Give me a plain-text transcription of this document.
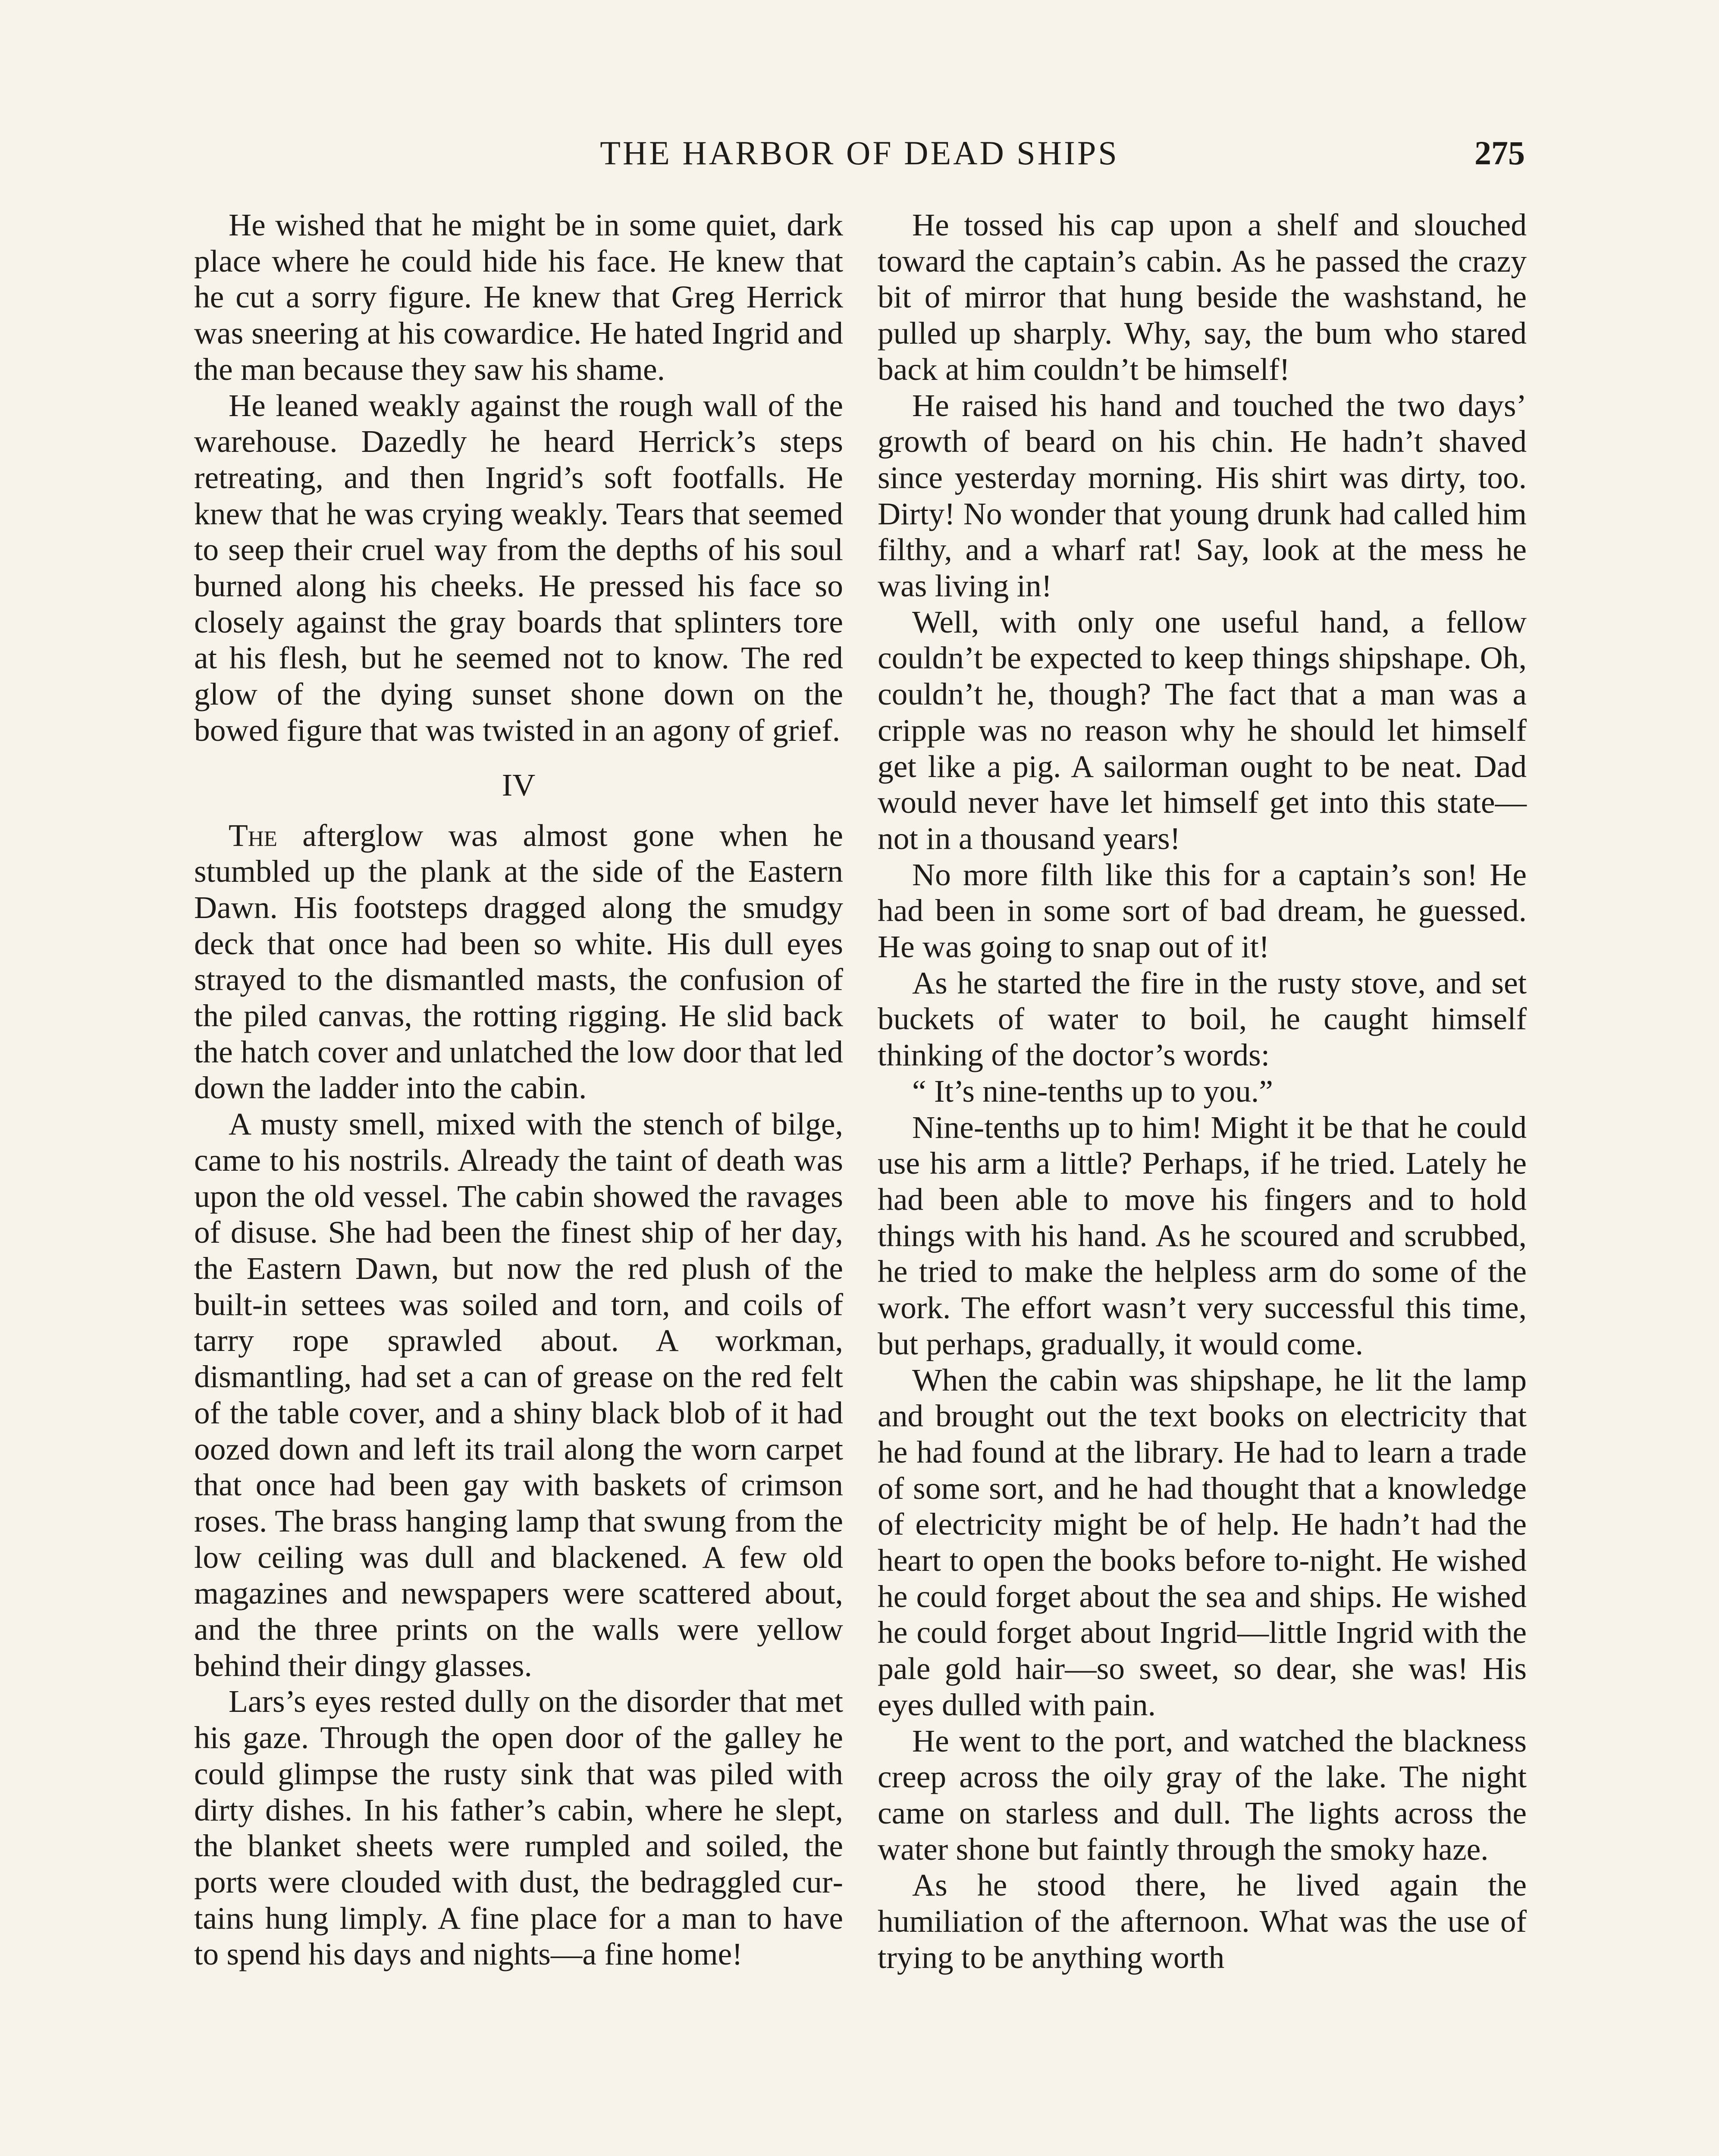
THE HARBOR OF DEAD SHIPS	275

He wished that he might be in some quiet, dark place where he could hide his face. He knew that he cut a sorry figure. He knew that Greg Herrick was sneering at his cowardice. He hated Ingrid and the man because they saw his shame.

He leaned weakly against the rough wall of the warehouse. Dazedly he heard Herrick’s steps retreating, and then Ingrid’s soft footfalls. He knew that he was crying weakly. Tears that seemed to seep their cruel way from the depths of his soul burned along his cheeks. He pressed his face so closely against the gray boards that splinters tore at his flesh, but he seemed not to know. The red glow of the dying sunset shone down on the bowed figure that was twisted in an agony of grief.

IV

The afterglow was almost gone when he stumbled up the plank at the side of the Eastern Dawn. His footsteps dragged along the smudgy deck that once had been so white. His dull eyes strayed to the dismantled masts, the confusion of the piled canvas, the rotting rigging. He slid back the hatch cover and unlatched the low door that led down the ladder into the cabin.

A musty smell, mixed with the stench of bilge, came to his nostrils. Already the taint of death was upon the old vessel. The cabin showed the ravages of disuse. She had been the finest ship of her day, the Eastern Dawn, but now the red plush of the built-in settees was soiled and torn, and coils of tarry rope sprawled about. A workman, dismantling, had set a can of grease on the red felt of the table cover, and a shiny black blob of it had oozed down and left its trail along the worn carpet that once had been gay with baskets of crimson roses. The brass hanging lamp that swung from the low ceiling was dull and blackened. A few old magazines and newspapers were scattered about, and the three prints on the walls were yellow behind their dingy glasses.

Lars’s eyes rested dully on the disorder that met his gaze. Through the open door of the galley he could glimpse the rusty sink that was piled with dirty dishes. In his father’s cabin, where he slept, the blanket sheets were rumpled and soiled, the ports were clouded with dust, the bedraggled curtains hung limply. A fine place for a man to have to spend his days and nights—a fine home!

He tossed his cap upon a shelf and slouched toward the captain’s cabin. As he passed the crazy bit of mirror that hung beside the washstand, he pulled up sharply. Why, say, the bum who stared back at him couldn’t be himself!

He raised his hand and touched the two days’ growth of beard on his chin. He hadn’t shaved since yesterday morning. His shirt was dirty, too. Dirty! No wonder that young drunk had called him filthy, and a wharf rat! Say, look at the mess he was living in!

Well, with only one useful hand, a fellow couldn’t be expected to keep things shipshape. Oh, couldn’t he, though? The fact that a man was a cripple was no reason why he should let himself get like a pig. A sailorman ought to be neat. Dad would never have let himself get into this state—not in a thousand years!

No more filth like this for a captain’s son! He had been in some sort of bad dream, he guessed. He was going to snap out of it!

As he started the fire in the rusty stove, and set buckets of water to boil, he caught himself thinking of the doctor’s words:

“ It’s nine-tenths up to you.”

Nine-tenths up to him! Might it be that he could use his arm a little? Perhaps, if he tried. Lately he had been able to move his fingers and to hold things with his hand. As he scoured and scrubbed, he tried to make the helpless arm do some of the work. The effort wasn’t very successful this time, but perhaps, gradually, it would come.

When the cabin was shipshape, he lit the lamp and brought out the text books on electricity that he had found at the library. He had to learn a trade of some sort, and he had thought that a knowledge of electricity might be of help. He hadn’t had the heart to open the books before to-night. He wished he could forget about the sea and ships. He wished he could forget about Ingrid—little Ingrid with the pale gold hair—so sweet, so dear, she was! His eyes dulled with pain.

He went to the port, and watched the blackness creep across the oily gray of the lake. The night came on starless and dull. The lights across the water shone but faintly through the smoky haze.

As he stood there, he lived again the humiliation of the afternoon. What was the use of trying to be anything worth
